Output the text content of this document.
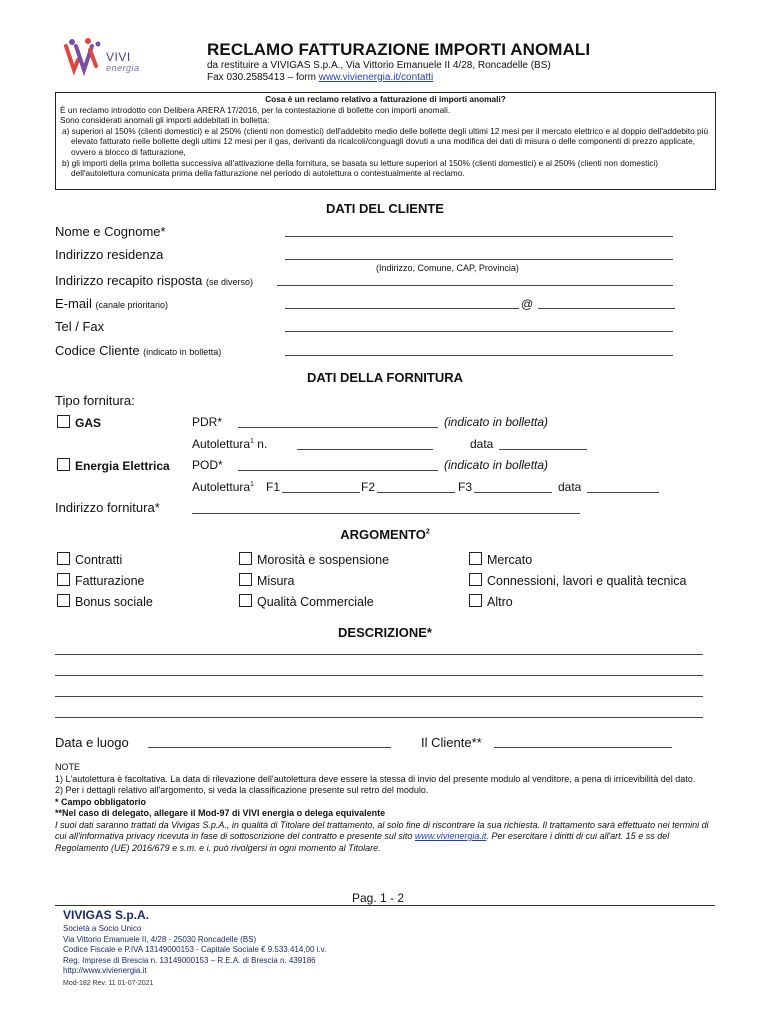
VIVI
energia
RECLAMO FATTURAZIONE IMPORTI ANOMALI
da restituire a VIVIGAS S.p.A., Via Vittorio Emanuele II 4/28, Roncadelle (BS)
Fax 030.2585413 – form www.vivienergia.it/contatti
Cosa è un reclamo relativo a fatturazione di importi anomali?
È un reclamo introdotto con Delibera ARERA 17/2016, per la contestazione di bollette con importi anomali.
Sono considerati anomali gli importi addebitati in bolletta:
a) superiori al 150% (clienti domestici) e al 250% (clienti non domestici) dell'addebito medio delle bollette degli ultimi 12 mesi per il mercato elettrico e al doppio dell'addebito più elevato fatturato nelle bollette degli ultimi 12 mesi per il gas, derivanti da ricalcoli/conguagli dovuti a una modifica dei dati di misura o delle componenti di prezzo applicate, ovvero a blocco di fatturazione,
b) gli importi della prima bolletta successiva all'attivazione della fornitura, se basata su letture superiori al 150% (clienti domestici) e al 250% (clienti non domestici) dell'autolettura comunicata prima della fatturazione nel periodo di autolettura o contestualmente al reclamo.
DATI DEL CLIENTE
Nome e Cognome*
Indirizzo residenza
(Indirizzo, Comune, CAP, Provincia)
Indirizzo recapito risposta (se diverso)
E-mail (canale prioritario)	@
Tel / Fax
Codice Cliente (indicato in bolletta)
DATI DELLA FORNITURA
Tipo fornitura:
GAS	PDR*	(indicato in bolletta)
Autolettura$^1$ n.	data
Energia Elettrica POD*	(indicato in bolletta)
Autolettura$^1$ F1	F2	F3	data
Indirizzo fornitura*
ARGOMENTO$^2$
Contratti
Fatturazione
Bonus sociale
Morosità e sospensione
Misura
Qualità Commerciale
Mercato
Connessioni, lavori e qualità tecnica
Altro
DESCRIZIONE*
Data e luogo	Il Cliente**
NOTE
1) L'autolettura è facoltativa. La data di rilevazione dell'autolettura deve essere la stessa di invio del presente modulo al venditore, a pena di irricevibilità del dato.
2) Per i dettagli relativo all'argomento, si veda la classificazione presente sul retro del modulo.
* Campo obbligatorio
**Nel caso di delegato, allegare il Mod-97 di VIVI energia o delega equivalente
I suoi dati saranno trattati da Vivigas S.p.A., in qualità di Titolare del trattamento, al solo fine di riscontrare la sua richiesta. Il trattamento sarà effettuato nei termini di cui all'informativa privacy ricevuta in fase di sottoscrizione del contratto e presente sul sito www.vivienergia.it. Per esercitare i diritti di cui all'art. 15 e ss del Regolamento (UE) 2016/679 e s.m. e i. può rivolgersi in ogni momento al Titolare.
Pag. 1 - 2
VIVIGAS S.p.A.
Società a Socio Unico
Via Vittorio Emanuele II, 4/28 - 25030 Roncadelle (BS)
Codice Fiscale e P.IVA 13149000153 - Capitale Sociale € 9.533.414,00 i.v.
Reg. Imprese di Brescia n. 13149000153 – R.E.A. di Brescia n. 439186
http://www.vivienergia.it
Mod-182 Rev. 11 01-07-2021
